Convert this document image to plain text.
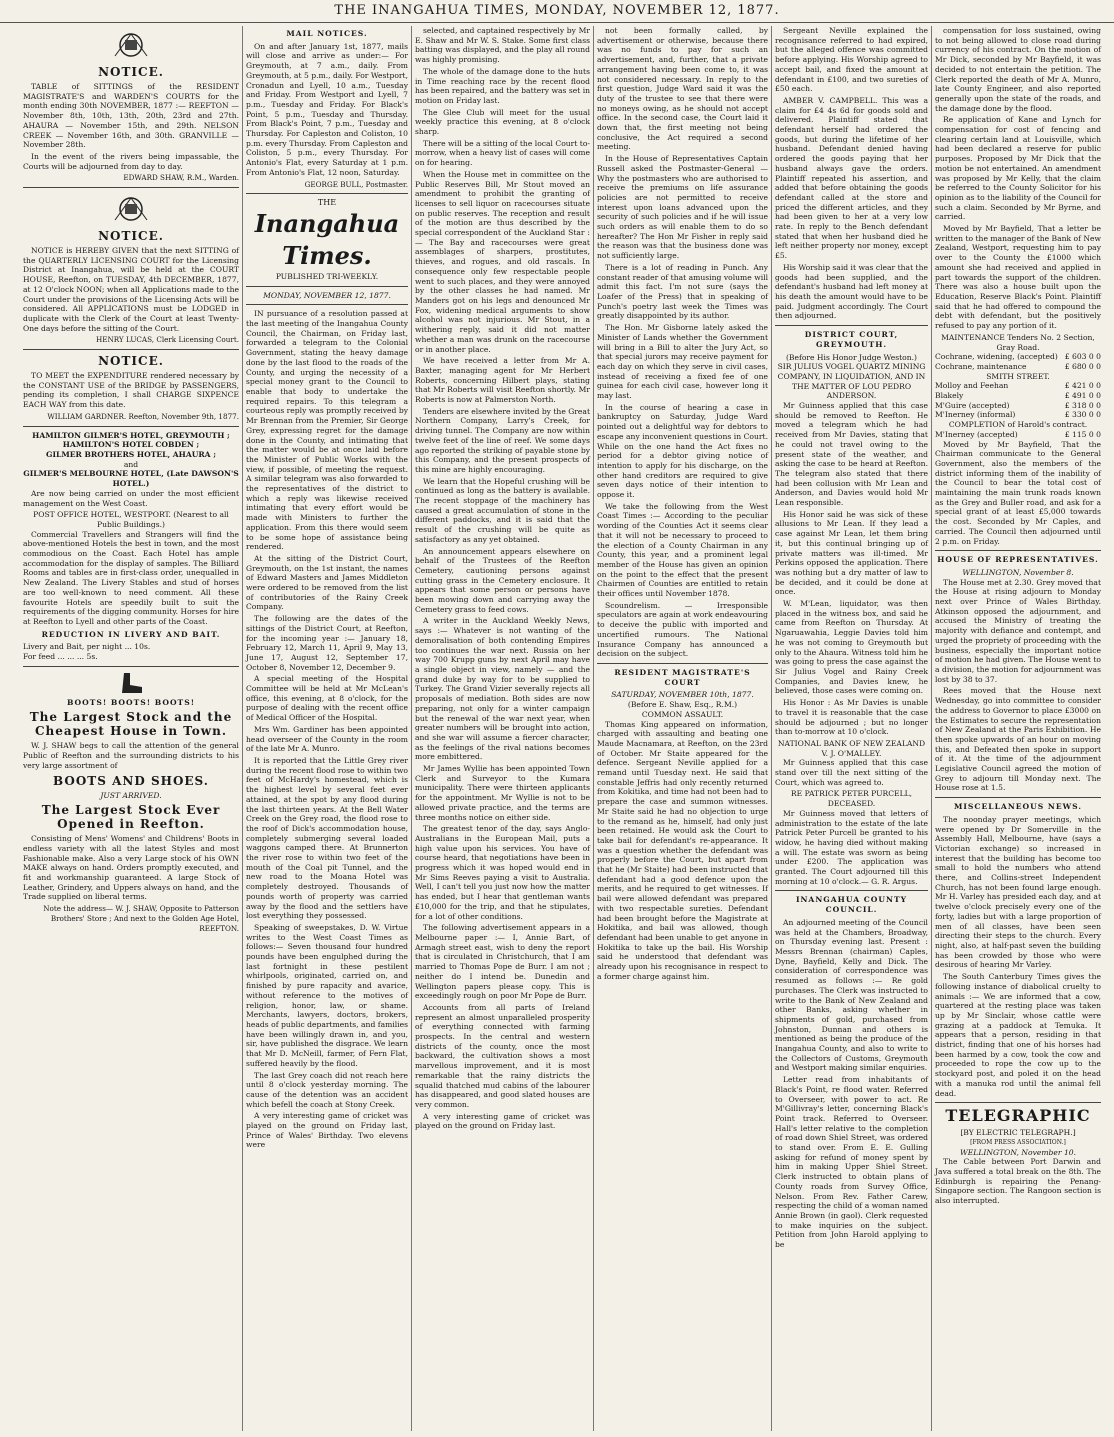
THE INANGAHUA TIMES, MONDAY, NOVEMBER 12, 1877.
NOTICE.

TABLE of SITTINGS of the RESIDENT MAGISTRATE'S and WARDEN'S COURTS for the month ending 30th NOVEMBER, 1877 :— REEFTON — November 8th, 10th, 13th, 20th, 23rd and 27th. AHAURA — November 15th, and 29th. NELSON CREEK — November 16th, and 30th. GRANVILLE — November 28th.

In the event of the rivers being impassable, the Courts will be adjourned from day to day.

EDWARD SHAW, R.M., Warden.
NOTICE.

NOTICE is HEREBY GIVEN that the next SITTING of the QUARTERLY LICENSING COURT for the Licensing District at Inangahua, will be held at the COURT HOUSE, Reefton, on TUESDAY, 4th DECEMBER, 1877, at 12 O'clock NOON; when all Applications made to the Court under the provisions of the Licensing Acts will be considered. All APPLICATIONS must be LODGED in duplicate with the Clerk of the Court at least Twenty-One days before the sitting of the Court.

HENRY LUCAS, Clerk Licensing Court.
NOTICE.

TO MEET the EXPENDITURE rendered necessary by the CONSTANT USE of the BRIDGE by PASSENGERS, pending its completion, I shall CHARGE SIXPENCE EACH WAY from this date.

WILLIAM GARDNER. Reefton, November 9th, 1877.
HAMILTON GILMER'S HOTEL, GREYMOUTH ;
HAMILTON'S HOTEL COBDEN ;
GILMER BROTHERS HOTEL, AHAURA ;
and
GILMER'S MELBOURNE HOTEL, (Late DAWSON'S HOTEL.)

Are now being carried on under the most efficient management on the West Coast.

POST OFFICE HOTEL, WESTPORT. (Nearest to all Public Buildings.)

Commercial Travellers and Strangers will find the above-mentioned Hotels the best in town, and the most commodious on the Coast. Each Hotel has ample accommodation for the display of samples. The Billiard Rooms and tables are in first-class order, unequalled in New Zealand. The Livery Stables and stud of horses are too well-known to need comment. All these favourite Hotels are speedily built to suit the requirements of the digging community. Horses for hire at Reefton to Lyell and other parts of the Coast.

REDUCTION IN LIVERY AND BAIT.
Livery and Bait, per night ... 10s.
For feed ... ... ... 5s.
BOOTS! BOOTS! BOOTS!
The Largest Stock and the Cheapest House in Town.

W. J. SHAW begs to call the attention of the general Public of Reefton and the surrounding districts to his very large assortment of

BOOTS AND SHOES.
JUST ARRIVED.
The Largest Stock Ever Opened in Reefton.

Consisting of Mens' Womens' and Childrens' Boots in endless variety with all the latest Styles and most Fashionable make. Also a very Large stock of his OWN MAKE always on hand. Orders promptly executed, and fit and workmanship guaranteed. A large Stock of Leather, Grindery, and Uppers always on hand, and the Trade supplied on liberal terms.

Note the address— W. J. SHAW, Opposite to Patterson Brothers' Store ; And next to the Golden Age Hotel, REEFTON.
MAIL NOTICES.

On and after January 1st, 1877, mails will close and arrive as under:— For Greymouth, at 7 a.m., daily. From Greymouth, at 5 p.m., daily. For Westport, Cronadun and Lyell, 10 a.m., Tuesday and Friday. From Westport and Lyell, 7 p.m., Tuesday and Friday. For Black's Point, 5 p.m., Tuesday and Thursday. From Black's Point, 7 p.m., Tuesday and Thursday. For Capleston and Coliston, 10 p.m. every Thursday. From Capleston and Coliston, 5 p.m., every Thursday. For Antonio's Flat, every Saturday at 1 p.m. From Antonio's Flat, 12 noon, Saturday.

GEORGE BULL, Postmaster.
THE
Inangahua Times.
PUBLISHED TRI-WEEKLY.
MONDAY, NOVEMBER 12, 1877.

IN pursuance of a resolution passed at the last meeting of the Inangahua County Council, the Chairman, on Friday last, forwarded a telegram to the Colonial Government, stating the heavy damage done by the last flood to the roads of the County, and urging the necessity of a special money grant to the Council to enable that body to undertake the required repairs. To this telegram a courteous reply was promptly received by Mr Brennan from the Premier, Sir George Grey, expressing regret for the damage done in the County, and intimating that the matter would be at once laid before the Minister of Public Works with the view, if possible, of meeting the request. A similar telegram was also forwarded to the representatives of the district to which a reply was likewise received intimating that every effort would be made with Ministers to further the application. From this there would seem to be some hope of assistance being rendered.

At the sitting of the District Court, Greymouth, on the 1st instant, the names of Edward Masters and James Middleton were ordered to be removed from the list of contributories of the Rainy Creek Company.

The following are the dates of the sittings of the District Court, at Reefton, for the incoming year :— January 18, February 12, March 11, April 9, May 13, June 17, August 12, September 17, October 8, November 12, December 9.

A special meeting of the Hospital Committee will be held at Mr McLean's office, this evening, at 8 o'clock, for the purpose of dealing with the recent office of Medical Officer of the Hospital.

Mrs Wm. Gardiner has been appointed head overseer of the County in the room of the late Mr A. Munro.

It is reported that the Little Grey river during the recent flood rose to within two feet of McHardy's homestead, which is the highest level by several feet ever attained, at the spot by any flood during the last thirteen years. At the Bell Water Creek on the Grey road, the flood rose to the roof of Dick's accommodation house, completely submerging several loaded waggons camped there. At Brunnerton the river rose to within two feet of the mouth of the Coal pit Tunnel, and the new road to the Moana Hotel was completely destroyed. Thousands of pounds worth of property was carried away by the flood and the settlers have lost everything they possessed.

Speaking of sweepstakes, D. W. Virtue writes to the West Coast Times as follows:— Seven thousand four hundred pounds have been engulphed during the last fortnight in these pestilent whirlpools, originated, carried on, and finished by pure rapacity and avarice, without reference to the motives of religion, honor, law, or shame. Merchants, lawyers, doctors, brokers, heads of public departments, and families have been willingly drawn in, and you, sir, have published the disgrace. We learn that Mr D. McNeill, farmer, of Fern Flat, suffered heavily by the flood.

The last Grey coach did not reach here until 8 o'clock yesterday morning. The cause of the detention was an accident which befell the coach at Stony Creek.

A very interesting game of cricket was played on the ground on Friday last, Prince of Wales' Birthday. Two elevens were

selected, and captained respectively by Mr E. Shaw and Mr W. S. Stake. Some first class batting was displayed, and the play all round was highly promising.

The whole of the damage done to the huts in Time reaching race by the recent flood has been repaired, and the battery was set in motion on Friday last.

The Glee Club will meet for the usual weekly practice this evening, at 8 o'clock sharp.

There will be a sitting of the local Court to-morrow, when a heavy list of cases will come on for hearing.

When the House met in committee on the Public Reserves Bill, Mr Stout moved an amendment to prohibit the granting of licenses to sell liquor on racecourses situate on public reserves. The reception and result of the motion are thus described by the special correspondent of the Auckland Star :— The Bay and racecourses were great assemblages of sharpers, prostitutes, thieves, and rogues, and old rascals. In consequence only few respectable people went to such places, and they were annoyed by the other classes he had named. Mr Manders got on his legs and denounced Mr Fox, widening medical arguments to show alcohol was not injurious. Mr Stout, in a withering reply, said it did not matter whether a man was drunk on the racecourse or in another place.

We have received a letter from Mr A. Baxter, managing agent for Mr Herbert Roberts, concerning Hilbert plays, stating that Mr Roberts will visit Reefton shortly. Mr Roberts is now at Palmerston North.

Tenders are elsewhere invited by the Great Northern Company, Larry's Creek, for driving tunnel. The Company are now within twelve feet of the line of reef. We some days ago reported the striking of payable stone by this Company, and the present prospects of this mine are highly encouraging.

We learn that the Hopeful crushing will be continued as long as the battery is available. The recent stoppage of the machinery has caused a great accumulation of stone in the different paddocks, and it is said that the result of the crushing will be quite as satisfactory as any yet obtained.

An announcement appears elsewhere on behalf of the Trustees of the Reefton Cemetery, cautioning persons against cutting grass in the Cemetery enclosure. It appears that some person or persons have been mowing down and carrying away the Cemetery grass to feed cows.

A writer in the Auckland Weekly News, says :— Whatever is not wanting of the demoralisation of both contending Empires too continues the war next. Russia on her way 700 Krupp guns by next April may have a single object in view, namely — and the grand duke by way for to be supplied to Turkey. The Grand Vizier severally rejects all proposals of mediation. Both sides are now preparing, not only for a winter campaign but the renewal of the war next year, when greater numbers will be brought into action, and she war will assume a fiercer character, as the feelings of the rival nations becomes more embittered.

Mr James Wyllie has been appointed Town Clerk and Surveyor to the Kumara municipality. There were thirteen applicants for the appointment. Mr Wyllie is not to be allowed private practice, and the terms are three months notice on either side.

The greatest tenor of the day, says Anglo-Australians in the European Mail, puts a high value upon his services. You have of course heard, that negotiations have been in progress which it was hoped would end in Mr Sims Reeves paying a visit to Australia. Well, I can't tell you just now how the matter has ended, but I hear that gentleman wants £10,000 for the trip, and that he stipulates, for a lot of other conditions.

The following advertisement appears in a Melbourne paper :— I, Annie Bart, of Armagh street east, wish to deny the report that is circulated in Christchurch, that I am married to Thomas Pope de Burr. I am not ; neither do I intend be. Dunedin and Wellington papers please copy. This is exceedingly rough on poor Mr Pope de Burr.

Accounts from all parts of Ireland represent an almost unparalleled prosperity of everything connected with farming prospects. In the central and western districts of the county, once the most backward, the cultivation shows a most marvellous improvement, and it is most remarkable that the rainy districts the squalid thatched mud cabins of the labourer has disappeared, and good slated houses are very common.

A very interesting game of cricket was played on the ground on Friday last.

not been formally called, by advertisement or otherwise, because there was no funds to pay for such an advertisement, and, further, that a private arrangement having been come to, it was not considered necessary. In reply to the first question, Judge Ward said it was the duty of the trustee to see that there were no moneys owing, as he should not accept office. In the second case, the Court laid it down that, the first meeting not being conclusive, the Act required a second meeting.

In the House of Representatives Captain Russell asked the Postmaster-General — Why the postmasters who are authorised to receive the premiums on life assurance policies are not permitted to receive interest upon loans advanced upon the security of such policies and if he will issue such orders as will enable them to do so hereafter? The Hon Mr Fisher in reply said the reason was that the business done was not sufficiently large.

There is a lot of reading in Punch. Any constant reader of that amusing volume will admit this fact. I'm not sure (says the Loafer of the Press) that in speaking of Punch's poetry last week the Times was greatly disappointed by its author.

The Hon. Mr Gisborne lately asked the Minister of Lands whether the Government will bring in a Bill to alter the Jury Act, so that special jurors may receive payment for each day on which they serve in civil cases, instead of receiving a fixed fee of one guinea for each civil case, however long it may last.

In the course of hearing a case in bankruptcy on Saturday, Judge Ward pointed out a delightful way for debtors to escape any inconvenient questions in Court. While on the one hand the Act fixes no period for a debtor giving notice of intention to apply for his discharge, on the other hand creditors are required to give seven days notice of their intention to oppose it.

We take the following from the West Coast Times :— According to the peculiar wording of the Counties Act it seems clear that it will not be necessary to proceed to the election of a County Chairman in any County, this year, and a prominent legal member of the House has given an opinion on the point to the effect that the present Chairmen of Counties are entitled to retain their offices until November 1878.

Scoundrelism. — Irresponsible speculators are again at work endeavouring to deceive the public with imported and uncertified rumours. The National Insurance Company has announced a decision on the subject.

RESIDENT MAGISTRATE'S COURT
SATURDAY, NOVEMBER 10th, 1877.
(Before E. Shaw, Esq., R.M.)
COMMON ASSAULT.

Thomas King appeared on information, charged with assaulting and beating one Maude Macnamara, at Reefton, on the 23rd of October. Mr Staite appeared for the defence. Sergeant Neville applied for a remand until Tuesday next. He said that constable Jeffris had only recently returned from Kokitika, and time had not been had to prepare the case and summon witnesses. Mr Staite said he had no objection to urge to the remand as he, himself, had only just been retained. He would ask the Court to take bail for defendant's re-appearance. It was a question whether the defendant was properly before the Court, but apart from that he (Mr Staite) had been instructed that defendant had a good defence upon the merits, and he required to get witnesses. If bail were allowed defendant was prepared with two respectable sureties. Defendant had been brought before the Magistrate at Hokitika, and bail was allowed, though defendant had been unable to get anyone in Hokitika to take up the bail. His Worship said he understood that defendant was already upon his recognisance in respect to a former charge against him.

Sergeant Neville explained the recognisance referred to had expired, but the alleged offence was committed before applying. His Worship agreed to accept bail, and fixed the amount at defendant in £100, and two sureties of £50 each.

AMBER V. CAMPBELL. This was a claim for £4 4s 6d for goods sold and delivered. Plaintiff stated that defendant herself had ordered the goods, but during the lifetime of her husband. Defendant denied having ordered the goods paying that her husband always gave the orders. Plaintiff repeated his assertion, and added that before obtaining the goods defendant called at the store and priced the different articles, and they had been given to her at a very low rate. In reply to the Bench defendant stated that when her husband died he left neither property nor money, except £5.

His Worship said it was clear that the goods had been supplied, and the defendant's husband had left money at his death the amount would have to be paid. Judgment accordingly. The Court then adjourned.

DISTRICT COURT, GREYMOUTH.
(Before His Honor Judge Weston.)
SIR JULIUS VOGEL QUARTZ MINING COMPANY, IN LIQUIDATION, AND IN THE MATTER OF LOU PEDRO ANDERSON.

Mr Guinness applied that this case should be removed to Reefton. He moved a telegram which he had received from Mr Davies, stating that he could not travel owing to the present state of the weather, and asking the case to be heard at Reefton. The telegram also stated that there had been collusion with Mr Lean and Anderson, and Davies would hold Mr Lean responsible.

His Honor said he was sick of these allusions to Mr Lean. If they lead a case against Mr Lean, let them bring it, but this continual bringing up of private matters was ill-timed. Mr Perkins opposed the application. There was nothing but a dry matter of law to be decided, and it could be done at once.

W. M'Lean, liquidator, was then placed in the witness box, and said he came from Reefton on Thursday. At Ngaruawahia, Leggie Davies told him he was not coming to Greymouth but only to the Ahaura. Witness told him he was going to press the case against the Sir Julius Vogel and Rainy Creek Companies, and Davies knew, he believed, those cases were coming on.

His Honor : As Mr Davies is unable to travel it is reasonable that the case should be adjourned ; but no longer than to-morrow at 10 o'clock.

NATIONAL BANK OF NEW ZEALAND V. J. O'MALLEY.

Mr Guinness applied that this case stand over till the next sitting of the Court, which was agreed to.

RE PATRICK PETER PURCELL, DECEASED.

Mr Guinness moved that letters of administration to the estate of the late Patrick Peter Purcell be granted to his widow, he having died without making a will. The estate was sworn as being under £200. The application was granted. The Court adjourned till this morning at 10 o'clock.— G. R. Argus.

INANGAHUA COUNTY COUNCIL.

An adjourned meeting of the Council was held at the Chambers, Broadway, on Thursday evening last. Present : Messrs Brennan (chairman) Caples, Dyne, Bayfield, Kelly and Dick. The consideration of correspondence was resumed as follows :— Re gold purchases. The Clerk was instructed to write to the Bank of New Zealand and other Banks, asking whether in shipments of gold, purchased from Johnston, Dunnan and others is mentioned as being the produce of the Inangahua County, and also to write to the Collectors of Customs, Greymouth and Westport making similar enquiries.

Letter read from inhabitants of Black's Point, re flood water. Referred to Overseer, with power to act. Re M'Gillivray's letter, concerning Black's Point track. Referred to Overseer. Hall's letter relative to the completion of road down Shiel Street, was ordered to stand over. From E. E. Gulling asking for refund of money spent by him in making Upper Shiel Street. Clerk instructed to obtain plans of County roads from Survey Office, Nelson. From Rev. Father Carew, respecting the child of a woman named Annie Brown (in gaol). Clerk requested to make inquiries on the subject. Petition from John Harold applying to be

compensation for loss sustained, owing to not being allowed to close road during currency of his contract. On the motion of Mr Dick, seconded by Mr Bayfield, it was decided to not entertain the petition. The Clerk reported the death of Mr A. Munro, late County Engineer, and also reported generally upon the state of the roads, and the damage done by the flood.

Re application of Kane and Lynch for compensation for cost of fencing and clearing certain land at Louisville, which had been declared a reserve for public purposes. Proposed by Mr Dick that the motion be not entertained. An amendment was proposed by Mr Kelly, that the claim be referred to the County Solicitor for his opinion as to the liability of the Council for such a claim. Seconded by Mr Byrne, and carried.

Moved by Mr Bayfield, That a letter be written to the manager of the Bank of New Zealand, Westport, requesting him to pay over to the County the £1000 which amount she had received and applied in part towards the support of the children. There was also a house built upon the Education, Reserve Black's Point. Plaintiff said that he had offered to compound the debt with defendant, but the positively refused to pay any portion of it.

MAINTENANCE Tenders No. 2 Section, Gray Road.
Cochrane, widening, (accepted) £ 603 0 0
Cochrane, maintenance	£ 680 0 0
SMITH STREET.
Molloy and Feehan	£ 421 0 0
Blakely	£ 491 0 0
M'Guire (accepted)	£ 318 0 0
M'Inerney (informal)	£ 330 0 0
COMPLETION of Harold's contract.
M'Inerney (accepted)	£ 115 0 0

Moved by Mr Bayfield, That the Chairman communicate to the General Government, also the members of the district informing them of the inability of the Council to bear the total cost of maintaining the main trunk roads known as the Grey and Buller road, and ask for a special grant of at least £5,000 towards the cost. Seconded by Mr Caples, and carried. The Council then adjourned until 2 p.m. on Friday.

HOUSE OF REPRESENTATIVES.
WELLINGTON, November 8.

The House met at 2.30. Grey moved that the House at rising adjourn to Monday next over Prince of Wales Birthday. Atkinson opposed the adjournment, and accused the Ministry of treating the majority with defiance and contempt, and urged the propriety of proceeding with the business, especially the important notice of motion he had given. The House went to a division, the motion for adjournment was lost by 38 to 37.

Rees moved that the House next Wednesday, go into committee to consider the address to Governor to place £3000 on the Estimates to secure the representation of New Zealand at the Paris Exhibition. He then spoke upwards of an hour on moving this, and Defeated then spoke in support of it. At the time of the adjournment Legislative Council agreed the motion of Grey to adjourn till Monday next. The House rose at 1.5.

MISCELLANEOUS NEWS.

The noonday prayer meetings, which were opened by Dr Somerville in the Assembly Hall, Melbourne, have (says a Victorian exchange) so increased in interest that the building has become too small to hold the numbers who attend there, and Collins-street Independent Church, has not been found large enough. Mr H. Varley has presided each day, and at twelve o'clock precisely every one of the forty, ladies but with a large proportion of men of all classes, have been seen directing their steps to the church. Every night, also, at half-past seven the building has been crowded by those who were desirous of hearing Mr Varley.

The South Canterbury Times gives the following instance of diabolical cruelty to animals :— We are informed that a cow, quartered at the resting place was taken up by Mr Sinclair, whose cattle were grazing at a paddock at Temuka. It appears that a person, residing in that district, finding that one of his horses had been harmed by a cow, took the cow and proceeded to rope the cow up to the stockyard post, and poled it on the head with a manuka rod until the animal fell dead.

TELEGRAPHIC
[BY ELECTRIC TELEGRAPH.]
[FROM PRESS ASSOCIATION.]
WELLINGTON, November 10.

The Cable between Port Darwin and Java suffered a total break on the 8th. The Edinburgh is repairing the Penang-Singapore section. The Rangoon section is also interrupted.
